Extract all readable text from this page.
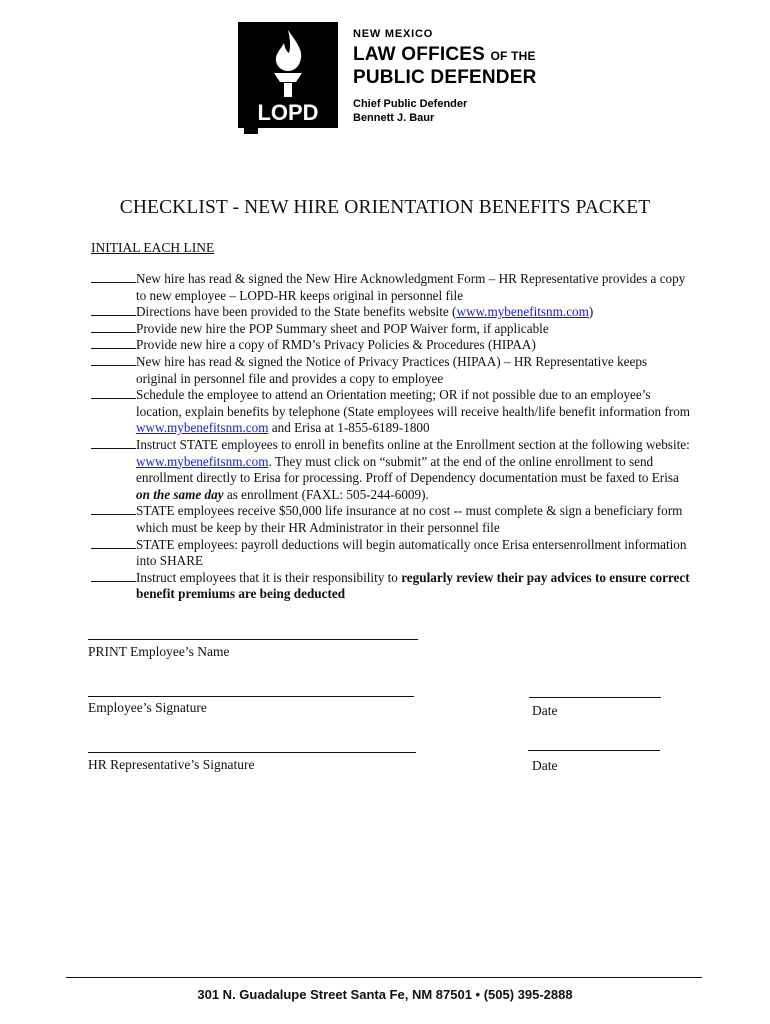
LOPD
NEW MEXICO
LAW OFFICES OF THE
PUBLIC DEFENDER
Chief Public Defender
Bennett J. Baur
CHECKLIST - NEW HIRE ORIENTATION BENEFITS PACKET
INITIAL EACH LINE
New hire has read & signed the New Hire Acknowledgment Form – HR Representative provides a copy to new employee – LOPD-HR keeps original in personnel file
Directions have been provided to the State benefits website (www.mybenefitsnm.com)
Provide new hire the POP Summary sheet and POP Waiver form, if applicable
Provide new hire a copy of RMD’s Privacy Policies & Procedures (HIPAA)
New hire has read & signed the Notice of Privacy Practices (HIPAA) – HR Representative keeps original in personnel file and provides a copy to employee
Schedule the employee to attend an Orientation meeting; OR if not possible due to an employee’s location, explain benefits by telephone (State employees will receive health/life benefit information from www.mybenefitsnm.com and Erisa at 1-855-6189-1800
Instruct STATE employees to enroll in benefits online at the Enrollment section at the following website: www.mybenefitsnm.com. They must click on “submit” at the end of the online enrollment to send enrollment directly to Erisa for processing. Proff of Dependency documentation must be faxed to Erisa on the same day as enrollment (FAXL: 505-244-6009).
STATE employees receive $50,000 life insurance at no cost -- must complete & sign a beneficiary form which must be keep by their HR Administrator in their personnel file
STATE employees: payroll deductions will begin automatically once Erisa entersenrollment information into SHARE
Instruct employees that it is their responsibility to regularly review their pay advices to ensure correct benefit premiums are being deducted
PRINT Employee’s Name
Employee’s Signature	Date
HR Representative’s Signature	Date
301 N. Guadalupe Street Santa Fe, NM 87501 • (505) 395-2888
